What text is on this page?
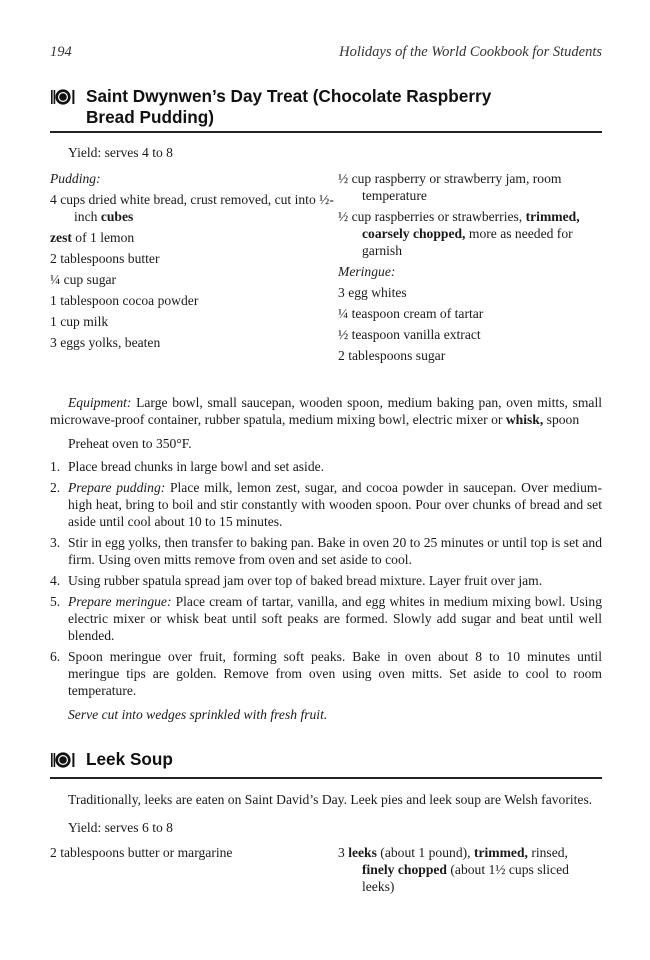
194	Holidays of the World Cookbook for Students
Saint Dwynwen’s Day Treat (Chocolate Raspberry
Bread Pudding)
Yield: serves 4 to 8
Pudding:
4 cups dried white bread, crust removed, cut into ½-inch cubes
zest of 1 lemon
2 tablespoons butter
¼ cup sugar
1 tablespoon cocoa powder
1 cup milk
3 eggs yolks, beaten
½ cup raspberry or strawberry jam, room temperature
½ cup raspberries or strawberries, trimmed, coarsely chopped, more as needed for garnish
Meringue:
3 egg whites
¼ teaspoon cream of tartar
½ teaspoon vanilla extract
2 tablespoons sugar
Equipment: Large bowl, small saucepan, wooden spoon, medium baking pan, oven mitts, small microwave-proof container, rubber spatula, medium mixing bowl, electric mixer or whisk, spoon
Preheat oven to 350°F.
1. Place bread chunks in large bowl and set aside.
2. Prepare pudding: Place milk, lemon zest, sugar, and cocoa powder in saucepan. Over medium-high heat, bring to boil and stir constantly with wooden spoon. Pour over chunks of bread and set aside until cool about 10 to 15 minutes.
3. Stir in egg yolks, then transfer to baking pan. Bake in oven 20 to 25 minutes or until top is set and firm. Using oven mitts remove from oven and set aside to cool.
4. Using rubber spatula spread jam over top of baked bread mixture. Layer fruit over jam.
5. Prepare meringue: Place cream of tartar, vanilla, and egg whites in medium mixing bowl. Using electric mixer or whisk beat until soft peaks are formed. Slowly add sugar and beat until well blended.
6. Spoon meringue over fruit, forming soft peaks. Bake in oven about 8 to 10 minutes until meringue tips are golden. Remove from oven using oven mitts. Set aside to cool to room temperature.
Serve cut into wedges sprinkled with fresh fruit.
Leek Soup
Traditionally, leeks are eaten on Saint David’s Day. Leek pies and leek soup are Welsh favorites.
Yield: serves 6 to 8
2 tablespoons butter or margarine	3 leeks (about 1 pound), trimmed, rinsed, finely chopped (about 1½ cups sliced leeks)
